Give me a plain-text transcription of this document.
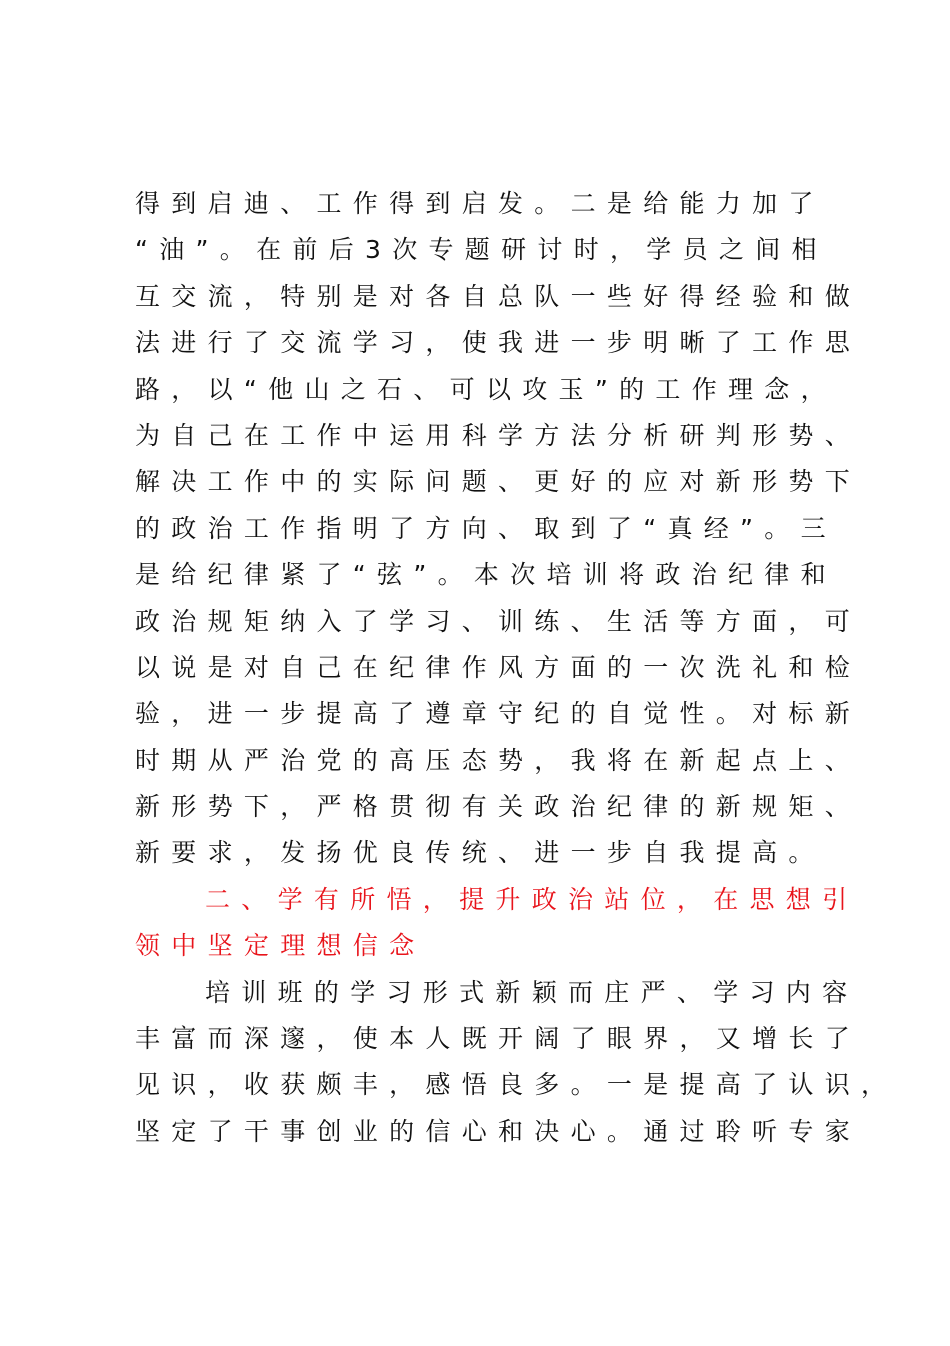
得到启迪、工作得到启发。二是给能力加了
“油”。在前后3次专题研讨时，学员之间相
互交流，特别是对各自总队一些好得经验和做
法进行了交流学习，使我进一步明晰了工作思
路，以“他山之石、可以攻玉”的工作理念，
为自己在工作中运用科学方法分析研判形势、
解决工作中的实际问题、更好的应对新形势下
的政治工作指明了方向、取到了“真经”。三
是给纪律紧了“弦”。本次培训将政治纪律和
政治规矩纳入了学习、训练、生活等方面，可
以说是对自己在纪律作风方面的一次洗礼和检
验，进一步提高了遵章守纪的自觉性。对标新
时期从严治党的高压态势，我将在新起点上、
新形势下，严格贯彻有关政治纪律的新规矩、
新要求，发扬优良传统、进一步自我提高。
二、学有所悟，提升政治站位，在思想引
领中坚定理想信念
培训班的学习形式新颖而庄严、学习内容
丰富而深邃，使本人既开阔了眼界，又增长了
见识，收获颇丰，感悟良多。一是提高了认识，
坚定了干事创业的信心和决心。通过聆听专家
